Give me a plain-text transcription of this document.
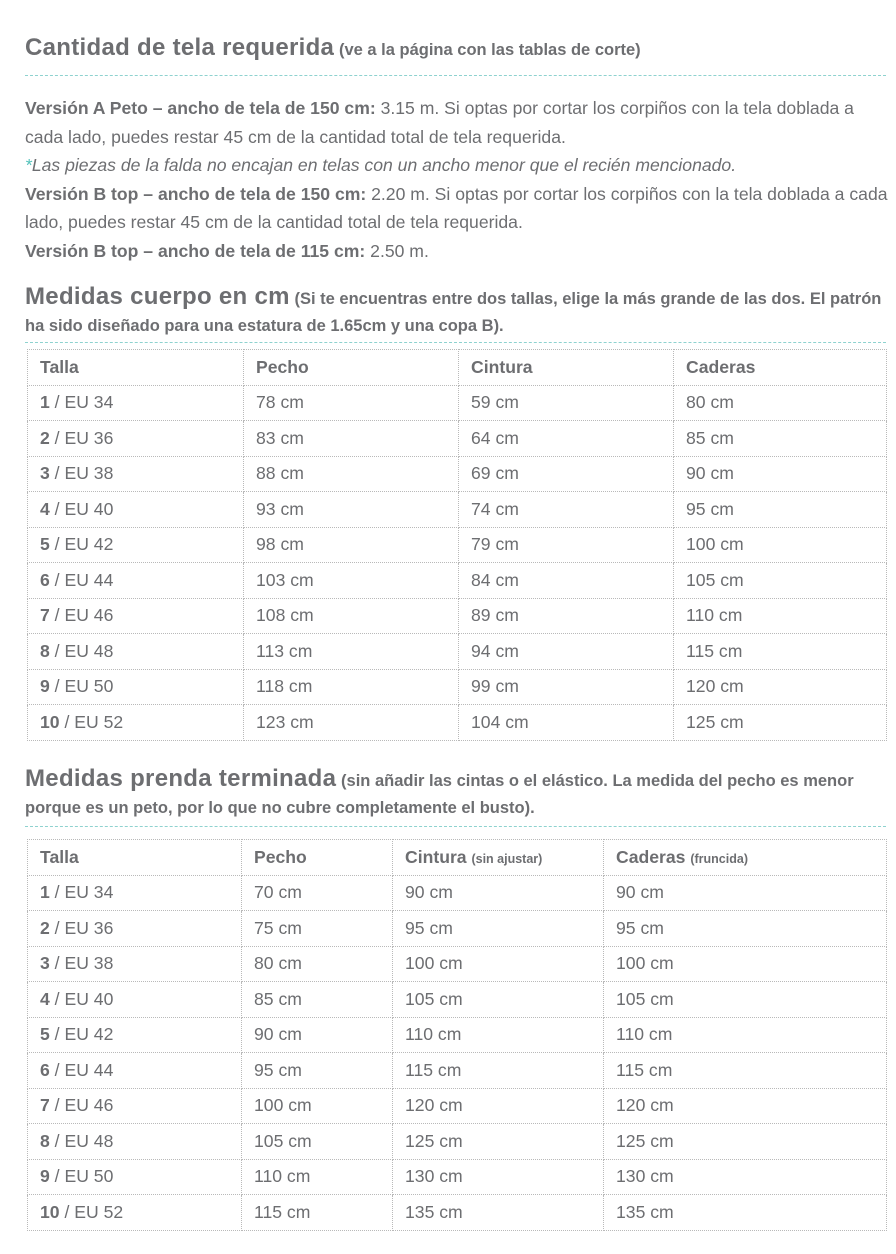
Cantidad de tela requerida (ve a la página con las tablas de corte)
Versión A Peto – ancho de tela de 150 cm: 3.15 m. Si optas por cortar los corpiños con la tela doblada a cada lado, puedes restar 45 cm de la cantidad total de tela requerida.
*Las piezas de la falda no encajan en telas con un ancho menor que el recién mencionado.
Versión B top – ancho de tela de 150 cm: 2.20 m. Si optas por cortar los corpiños con la tela doblada a cada lado, puedes restar 45 cm de la cantidad total de tela requerida.
Versión B top – ancho de tela de 115 cm: 2.50 m.
Medidas cuerpo en cm (Si te encuentras entre dos tallas, elige la más grande de las dos. El patrón ha sido diseñado para una estatura de 1.65cm y una copa B).
Talla	Pecho	Cintura	Caderas
1 / EU 34	78 cm	59 cm	80 cm
2 / EU 36	83 cm	64 cm	85 cm
3 / EU 38	88 cm	69 cm	90 cm
4 / EU 40	93 cm	74 cm	95 cm
5 / EU 42	98 cm	79 cm	100 cm
6 / EU 44	103 cm	84 cm	105 cm
7 / EU 46	108 cm	89 cm	110 cm
8 / EU 48	113 cm	94 cm	115 cm
9 / EU 50	118 cm	99 cm	120 cm
10 / EU 52	123 cm	104 cm	125 cm
Medidas prenda terminada (sin añadir las cintas o el elástico. La medida del pecho es menor porque es un peto, por lo que no cubre completamente el busto).
Talla	Pecho	Cintura (sin ajustar)	Caderas (fruncida)
1 / EU 34	70 cm	90 cm	90 cm
2 / EU 36	75 cm	95 cm	95 cm
3 / EU 38	80 cm	100 cm	100 cm
4 / EU 40	85 cm	105 cm	105 cm
5 / EU 42	90 cm	110 cm	110 cm
6 / EU 44	95 cm	115 cm	115 cm
7 / EU 46	100 cm	120 cm	120 cm
8 / EU 48	105 cm	125 cm	125 cm
9 / EU 50	110 cm	130 cm	130 cm
10 / EU 52	115 cm	135 cm	135 cm
